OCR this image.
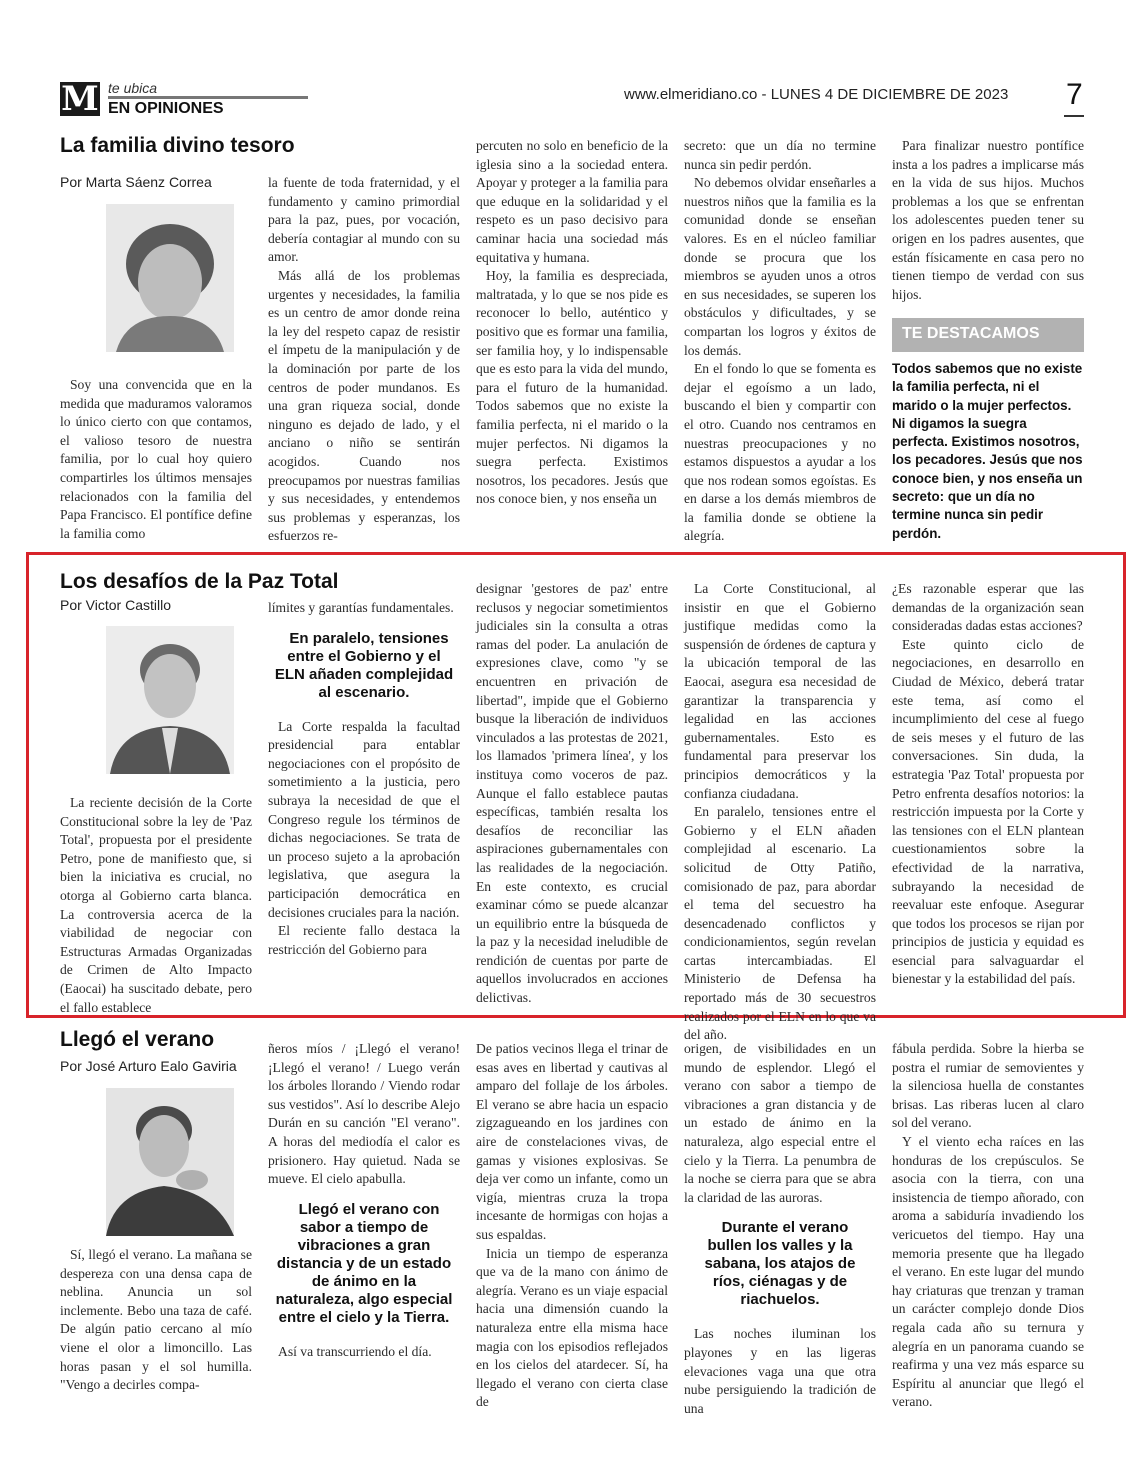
M te ubica
EN OPINIONES
www.elmeridiano.co - LUNES 4 DE DICIEMBRE DE 2023 7
La familia divino tesoro
Por Marta Sáenz Correa

Soy una convencida que en la medida que maduramos valoramos lo único cierto con que contamos, el valioso tesoro de nuestra familia, por lo cual hoy quiero compartirles los últimos mensajes relacionados con la familia del Papa Francisco. El pontífice define la familia como

la fuente de toda fraternidad, y el fundamento y camino primordial para la paz, pues, por vocación, debería contagiar al mundo con su amor.

Más allá de los problemas urgentes y necesidades, la familia es un centro de amor donde reina la ley del respeto capaz de resistir el ímpetu de la manipulación y de la dominación por parte de los centros de poder mundanos. Es una gran riqueza social, donde ninguno es dejado de lado, y el anciano o niño se sentirán acogidos. Cuando nos preocupamos por nuestras familias y sus necesidades, y entendemos sus problemas y esperanzas, los esfuerzos re-

percuten no solo en beneficio de la iglesia sino a la sociedad entera. Apoyar y proteger a la familia para que eduque en la solidaridad y el respeto es un paso decisivo para caminar hacia una sociedad más equitativa y humana.

Hoy, la familia es despreciada, maltratada, y lo que se nos pide es reconocer lo bello, auténtico y positivo que es formar una familia, ser familia hoy, y lo indispensable que es esto para la vida del mundo, para el futuro de la humanidad. Todos sabemos que no existe la familia perfecta, ni el marido o la mujer perfectos. Ni digamos la suegra perfecta. Existimos nosotros, los pecadores. Jesús que nos conoce bien, y nos enseña un

secreto: que un día no termine nunca sin pedir perdón.

No debemos olvidar enseñarles a nuestros niños que la familia es la comunidad donde se enseñan valores. Es en el núcleo familiar donde se procura que los miembros se ayuden unos a otros en sus necesidades, se superen los obstáculos y dificultades, y se compartan los logros y éxitos de los demás.

En el fondo lo que se fomenta es dejar el egoísmo a un lado, buscando el bien y compartir con el otro. Cuando nos centramos en nuestras preocupaciones y no estamos dispuestos a ayudar a los que nos rodean somos egoístas. Es en darse a los demás miembros de la familia donde se obtiene la alegría.

Para finalizar nuestro pontífice insta a los padres a implicarse más en la vida de sus hijos. Muchos problemas a los que se enfrentan los adolescentes pueden tener su origen en los padres ausentes, que están físicamente en casa pero no tienen tiempo de verdad con sus hijos.

TE DESTACAMOS
Todos sabemos que no existe la familia perfecta, ni el marido o la mujer perfectos. Ni digamos la suegra perfecta. Existimos nosotros, los pecadores. Jesús que nos conoce bien, y nos enseña un secreto: que un día no termine nunca sin pedir perdón.
Los desafíos de la Paz Total
Por Victor Castillo

La reciente decisión de la Corte Constitucional sobre la ley de 'Paz Total', propuesta por el presidente Petro, pone de manifiesto que, si bien la iniciativa es crucial, no otorga al Gobierno carta blanca. La controversia acerca de la viabilidad de negociar con Estructuras Armadas Organizadas de Crimen de Alto Impacto (Eaocai) ha suscitado debate, pero el fallo establece

límites y garantías fundamentales.

En paralelo, tensiones entre el Gobierno y el ELN añaden complejidad al escenario.

La Corte respalda la facultad presidencial para entablar negociaciones con el propósito de sometimiento a la justicia, pero subraya la necesidad de que el Congreso regule los términos de dichas negociaciones. Se trata de un proceso sujeto a la aprobación legislativa, que asegura la participación democrática en decisiones cruciales para la nación.

El reciente fallo destaca la restricción del Gobierno para

designar 'gestores de paz' entre reclusos y negociar sometimientos judiciales sin la consulta a otras ramas del poder. La anulación de expresiones clave, como "y se encuentren en privación de libertad", impide que el Gobierno busque la liberación de individuos vinculados a las protestas de 2021, los llamados 'primera línea', y los instituya como voceros de paz. Aunque el fallo establece pautas específicas, también resalta los desafíos de reconciliar las aspiraciones gubernamentales con las realidades de la negociación. En este contexto, es crucial examinar cómo se puede alcanzar un equilibrio entre la búsqueda de la paz y la necesidad ineludible de rendición de cuentas por parte de aquellos involucrados en acciones delictivas.

La Corte Constitucional, al insistir en que el Gobierno justifique medidas como la suspensión de órdenes de captura y la ubicación temporal de las Eaocai, asegura esa necesidad de garantizar la transparencia y legalidad en las acciones gubernamentales. Esto es fundamental para preservar los principios democráticos y la confianza ciudadana.

En paralelo, tensiones entre el Gobierno y el ELN añaden complejidad al escenario. La solicitud de Otty Patiño, comisionado de paz, para abordar el tema del secuestro ha desencadenado conflictos y condicionamientos, según revelan cartas intercambiadas. El Ministerio de Defensa ha reportado más de 30 secuestros realizados por el ELN en lo que va del año.

¿Es razonable esperar que las demandas de la organización sean consideradas dadas estas acciones?

Este quinto ciclo de negociaciones, en desarrollo en Ciudad de México, deberá tratar este tema, así como el incumplimiento del cese al fuego de seis meses y el futuro de las conversaciones. Sin duda, la estrategia 'Paz Total' propuesta por Petro enfrenta desafíos notorios: la restricción impuesta por la Corte y las tensiones con el ELN plantean cuestionamientos sobre la efectividad de la narrativa, subrayando la necesidad de reevaluar este enfoque. Asegurar que todos los procesos se rijan por principios de justicia y equidad es esencial para salvaguardar el bienestar y la estabilidad del país.

Llegó el verano
Por José Arturo Ealo Gaviria

Sí, llegó el verano. La mañana se despereza con una densa capa de neblina. Anuncia un sol inclemente. Bebo una taza de café. De algún patio cercano al mío viene el olor a limoncillo. Las horas pasan y el sol humilla. "Vengo a decirles compa-

ñeros míos / ¡Llegó el verano! ¡Llegó el verano! / Luego verán los árboles llorando / Viendo rodar sus vestidos". Así lo describe Alejo Durán en su canción "El verano". A horas del mediodía el calor es prisionero. Hay quietud. Nada se mueve. El cielo apabulla.

Llegó el verano con sabor a tiempo de vibraciones a gran distancia y de un estado de ánimo en la naturaleza, algo especial entre el cielo y la Tierra.

Así va transcurriendo el día.

De patios vecinos llega el trinar de esas aves en libertad y cautivas al amparo del follaje de los árboles. El verano se abre hacia un espacio zigzagueando en los jardines con aire de constelaciones vivas, de gamas y visiones explosivas. Se deja ver como un infante, como un vigía, mientras cruza la tropa incesante de hormigas con hojas a sus espaldas.

Inicia un tiempo de esperanza que va de la mano con ánimo de alegría. Verano es un viaje espacial hacia una dimensión cuando la naturaleza entre ella misma hace magia con los episodios reflejados en los cielos del atardecer. Sí, ha llegado el verano con cierta clase de

origen, de visibilidades en un mundo de esplendor. Llegó el verano con sabor a tiempo de vibraciones a gran distancia y de un estado de ánimo en la naturaleza, algo especial entre el cielo y la Tierra. La penumbra de la noche se cierra para que se abra la claridad de las auroras.

Durante el verano bullen los valles y la sabana, los atajos de ríos, ciénagas y de riachuelos.

Las noches iluminan los playones y en las ligeras elevaciones vaga una que otra nube persiguiendo la tradición de una

fábula perdida. Sobre la hierba se postra el rumiar de semovientes y la silenciosa huella de constantes brisas. Las riberas lucen al claro sol del verano.

Y el viento echa raíces en las honduras de los crepúsculos. Se asocia con la tierra, con una insistencia de tiempo añorado, con aroma a sabiduría invadiendo los vericuetos del tiempo. Hay una memoria presente que ha llegado el verano. En este lugar del mundo hay criaturas que trenzan y traman un carácter complejo donde Dios regala cada año su ternura y alegría en un panorama cuando se reafirma y una vez más esparce su Espíritu al anunciar que llegó el verano.
